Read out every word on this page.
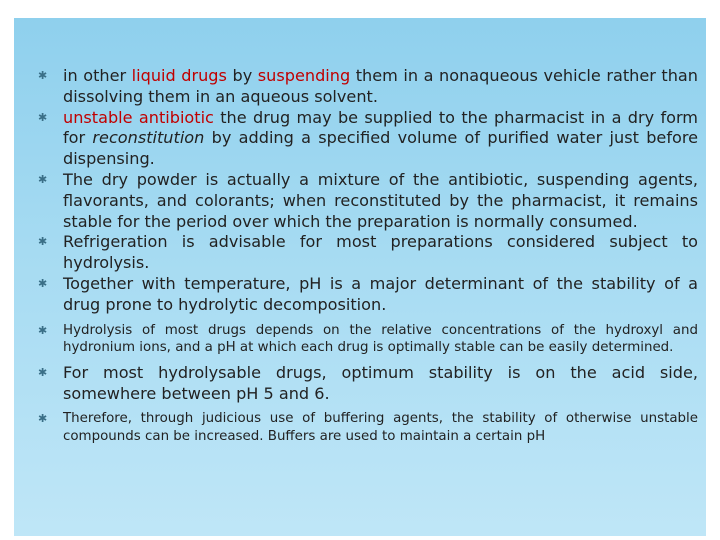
✱ in other liquid drugs by suspending them in a nonaqueous vehicle rather than dissolving them in an aqueous solvent.
✱ unstable antibiotic the drug may be supplied to the pharmacist in a dry form for reconstitution by adding a specified volume of purified water just before dispensing.
✱ The dry powder is actually a mixture of the antibiotic, suspending agents, flavorants, and colorants; when reconstituted by the pharmacist, it remains stable for the period over which the preparation is normally consumed.
✱ Refrigeration is advisable for most preparations considered subject to hydrolysis.
✱ Together with temperature, pH is a major determinant of the stability of a drug prone to hydrolytic decomposition.
✱ Hydrolysis of most drugs depends on the relative concentrations of the hydroxyl and hydronium ions, and a pH at which each drug is optimally stable can be easily determined.
✱ For most hydrolysable drugs, optimum stability is on the acid side, somewhere between pH 5 and 6.
✱ Therefore, through judicious use of buffering agents, the stability of otherwise unstable compounds can be increased. Buffers are used to maintain a certain pH
